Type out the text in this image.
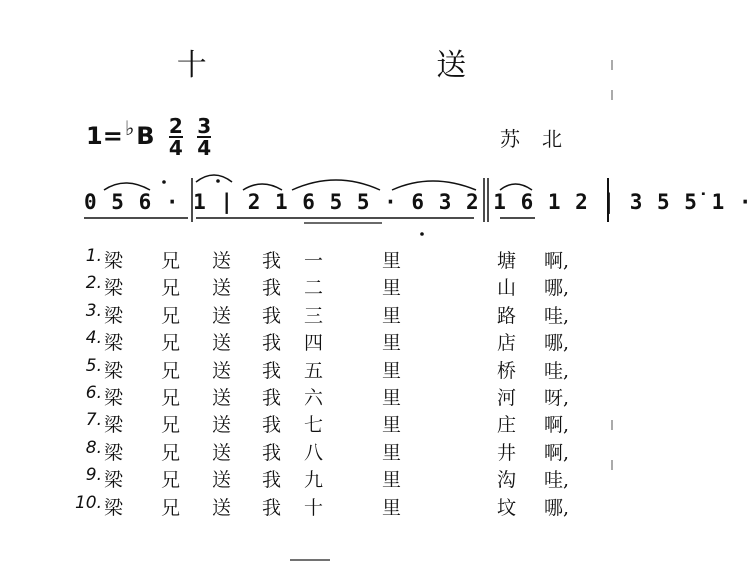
十 送
$1= ^♭B \frac{2}{4}$
$\frac{3}{4}$	苏北
0 5 6 · 1 | 2 1 6 5 5 · 6 3 2 1 6 1 2 | 3 5 5̇ 1 ·
1. 梁 兄 送 我 一	里	塘 啊,
2. 梁 兄 送 我 二	里	山 哪,
3. 梁 兄 送 我 三	里	路 哇,
4. 梁 兄 送 我 四	里	店 哪,
5. 梁 兄 送 我 五	里	桥 哇,
6. 梁 兄 送 我 六	里	河 呀,
7. 梁 兄 送 我 七	里	庄 啊,
8. 梁 兄 送 我 八	里	井 啊,
9. 梁 兄 送 我 九	里	沟 哇,
10. 梁 兄 送 我 十	里	坟 哪,
